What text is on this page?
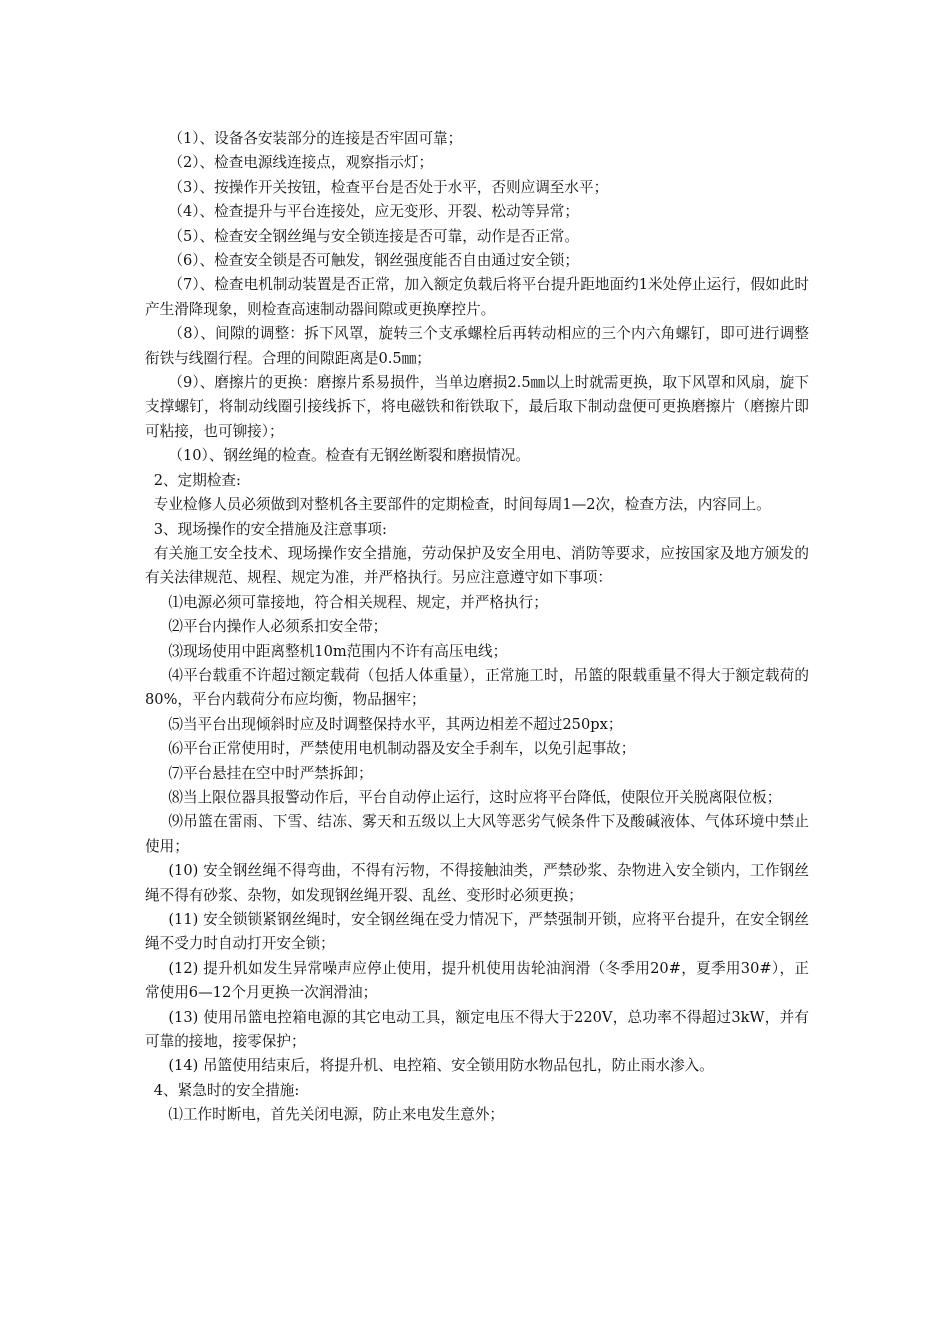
（1）、设备各安装部分的连接是否牢固可靠；

（2）、检查电源线连接点，观察指示灯；

（3）、按操作开关按钮，检查平台是否处于水平，否则应调至水平；

（4）、检查提升与平台连接处，应无变形、开裂、松动等异常；

（5）、检查安全钢丝绳与安全锁连接是否可靠，动作是否正常。

（6）、检查安全锁是否可触发，钢丝强度能否自由通过安全锁；

（7）、检查电机制动装置是否正常，加入额定负载后将平台提升距地面约1米处停止运行，假如此时产生滑降现象，则检查高速制动器间隙或更换摩控片。

（8）、间隙的调整：拆下风罩，旋转三个支承螺栓后再转动相应的三个内六角螺钉，即可进行调整衔铁与线圈行程。合理的间隙距离是0.5㎜；

（9）、磨擦片的更换：磨擦片系易损件，当单边磨损2.5㎜以上时就需更换，取下风罩和风扇，旋下支撑螺钉，将制动线圈引接线拆下，将电磁铁和衔铁取下，最后取下制动盘便可更换磨擦片（磨擦片即可粘接，也可铆接）；

（10）、钢丝绳的检查。检查有无钢丝断裂和磨损情况。

2、定期检查:

专业检修人员必须做到对整机各主要部件的定期检查，时间每周1—2次，检查方法，内容同上。

3、现场操作的安全措施及注意事项:

有关施工安全技术、现场操作安全措施，劳动保护及安全用电、消防等要求，应按国家及地方颁发的有关法律规范、规程、规定为准，并严格执行。另应注意遵守如下事项：

⑴电源必须可靠接地，符合相关规程、规定，并严格执行；

⑵平台内操作人必须系扣安全带；

⑶现场使用中距离整机10m范围内不许有高压电线；

⑷平台载重不许超过额定载荷（包括人体重量），正常施工时，吊篮的限载重量不得大于额定载荷的80%，平台内载荷分布应均衡，物品捆牢；

⑸当平台出现倾斜时应及时调整保持水平，其两边相差不超过250px；

⑹平台正常使用时，严禁使用电机制动器及安全手刹车，以免引起事故；

⑺平台悬挂在空中时严禁拆卸；

⑻当上限位器具报警动作后，平台自动停止运行，这时应将平台降低，使限位开关脱离限位板；

⑼吊篮在雷雨、下雪、结冻、雾天和五级以上大风等恶劣气候条件下及酸碱液体、气体环境中禁止使用；

(10) 安全钢丝绳不得弯曲，不得有污物，不得接触油类，严禁砂浆、杂物进入安全锁内，工作钢丝绳不得有砂浆、杂物，如发现钢丝绳开裂、乱丝、变形时必须更换；

(11) 安全锁锁紧钢丝绳时，安全钢丝绳在受力情况下，严禁强制开锁，应将平台提升，在安全钢丝绳不受力时自动打开安全锁；

(12) 提升机如发生异常噪声应停止使用，提升机使用齿轮油润滑（冬季用20#，夏季用30#），正常使用6—12个月更换一次润滑油；

(13) 使用吊篮电控箱电源的其它电动工具，额定电压不得大于220V，总功率不得超过3kW，并有可靠的接地，接零保护；

(14) 吊篮使用结束后，将提升机、电控箱、安全锁用防水物品包扎，防止雨水渗入。

4、紧急时的安全措施:

⑴工作时断电，首先关闭电源，防止来电发生意外；
